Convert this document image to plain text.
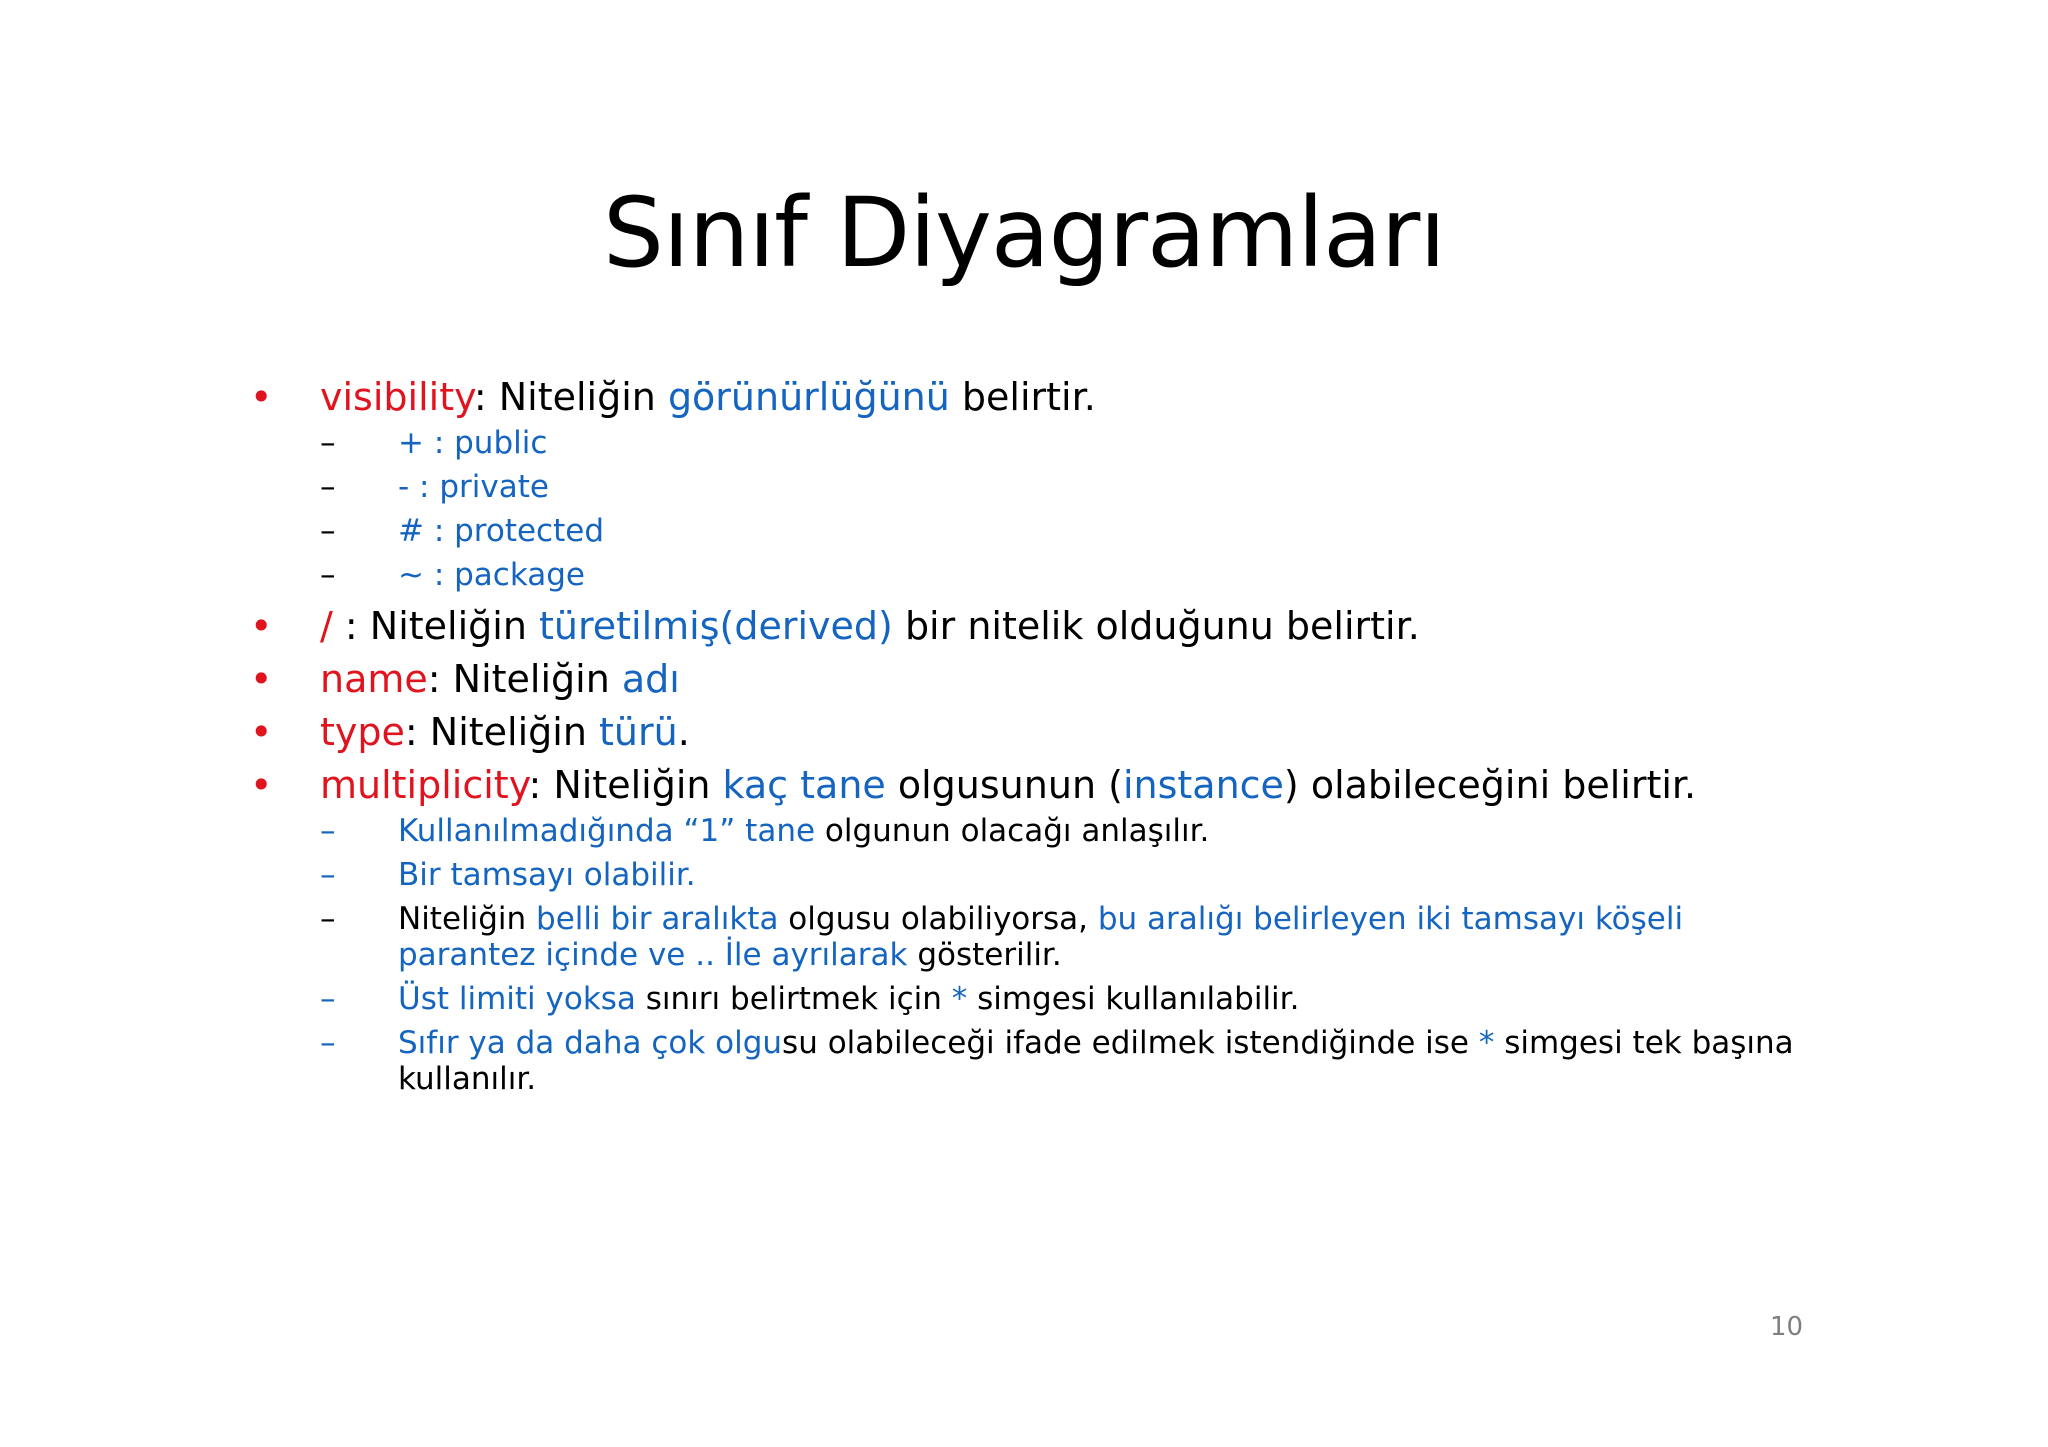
Sınıf Diyagramları
• visibility: Niteliğin görünürlüğünü belirtir.
– + : public
– - : private
– # : protected
– ~ : package
• / : Niteliğin türetilmiş(derived) bir nitelik olduğunu belirtir.
• name: Niteliğin adı
• type: Niteliğin türü.
• multiplicity: Niteliğin kaç tane olgusunun (instance) olabileceğini belirtir.
– Kullanılmadığında “1” tane olgunun olacağı anlaşılır.
– Bir tamsayı olabilir.
– Niteliğin belli bir aralıkta olgusu olabiliyorsa, bu aralığı belirleyen iki tamsayı köşeli parantez içinde ve .. İle ayrılarak gösterilir.
– Üst limiti yoksa sınırı belirtmek için * simgesi kullanılabilir.
– Sıfır ya da daha çok olgusu olabileceği ifade edilmek istendiğinde ise * simgesi tek başına kullanılır.
10
